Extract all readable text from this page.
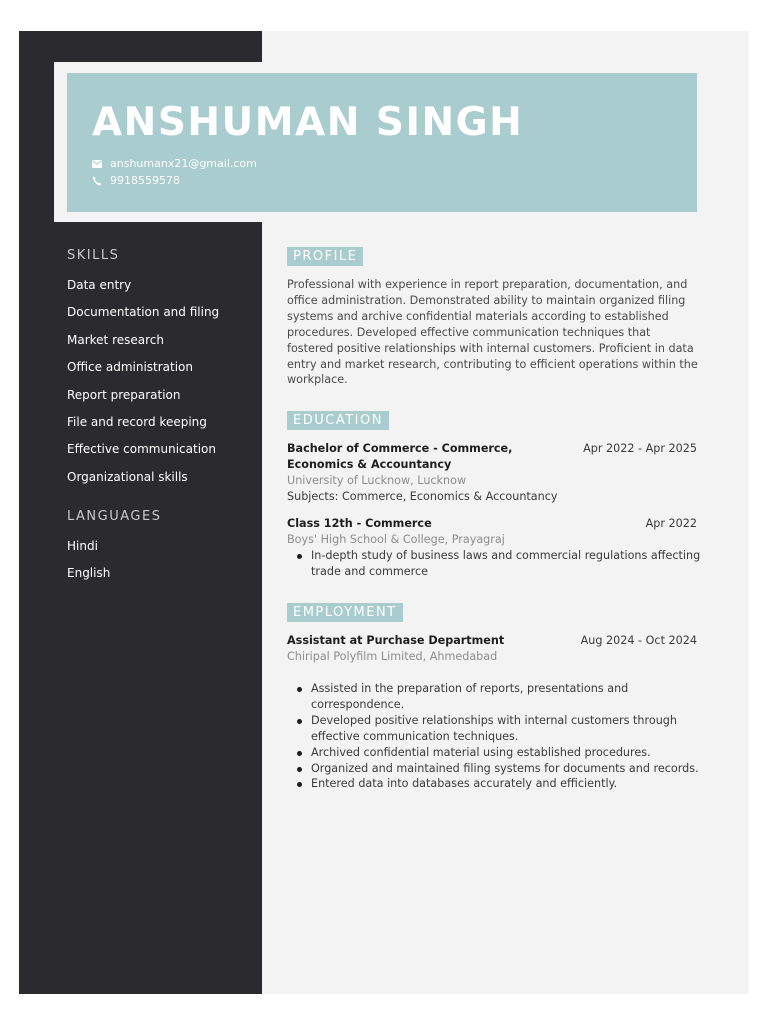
ANSHUMAN SINGH
anshumanx21@gmail.com
9918559578
SKILLS
Data entry
Documentation and filing
Market research
Office administration
Report preparation
File and record keeping
Effective communication
Organizational skills
LANGUAGES
Hindi
English
PROFILE

Professional with experience in report preparation, documentation, and office administration. Demonstrated ability to maintain organized filing systems and archive confidential materials according to established procedures. Developed effective communication techniques that fostered positive relationships with internal customers. Proficient in data entry and market research, contributing to efficient operations within the workplace.

EDUCATION

Bachelor of Commerce - Commerce, Economics & Accountancy

Apr 2022 - Apr 2025

University of Lucknow, Lucknow

Subjects: Commerce, Economics & Accountancy

Class 12th - Commerce	Apr 2022

Boys' High School & College, Prayagraj

In-depth study of business laws and commercial regulations affecting trade and commerce
EMPLOYMENT

Assistant at Purchase Department	Aug 2024 - Oct 2024

Chiripal Polyfilm Limited, Ahmedabad

Assisted in the preparation of reports, presentations and correspondence.
Developed positive relationships with internal customers through effective communication techniques.
Archived confidential material using established procedures.
Organized and maintained filing systems for documents and records.
Entered data into databases accurately and efficiently.
